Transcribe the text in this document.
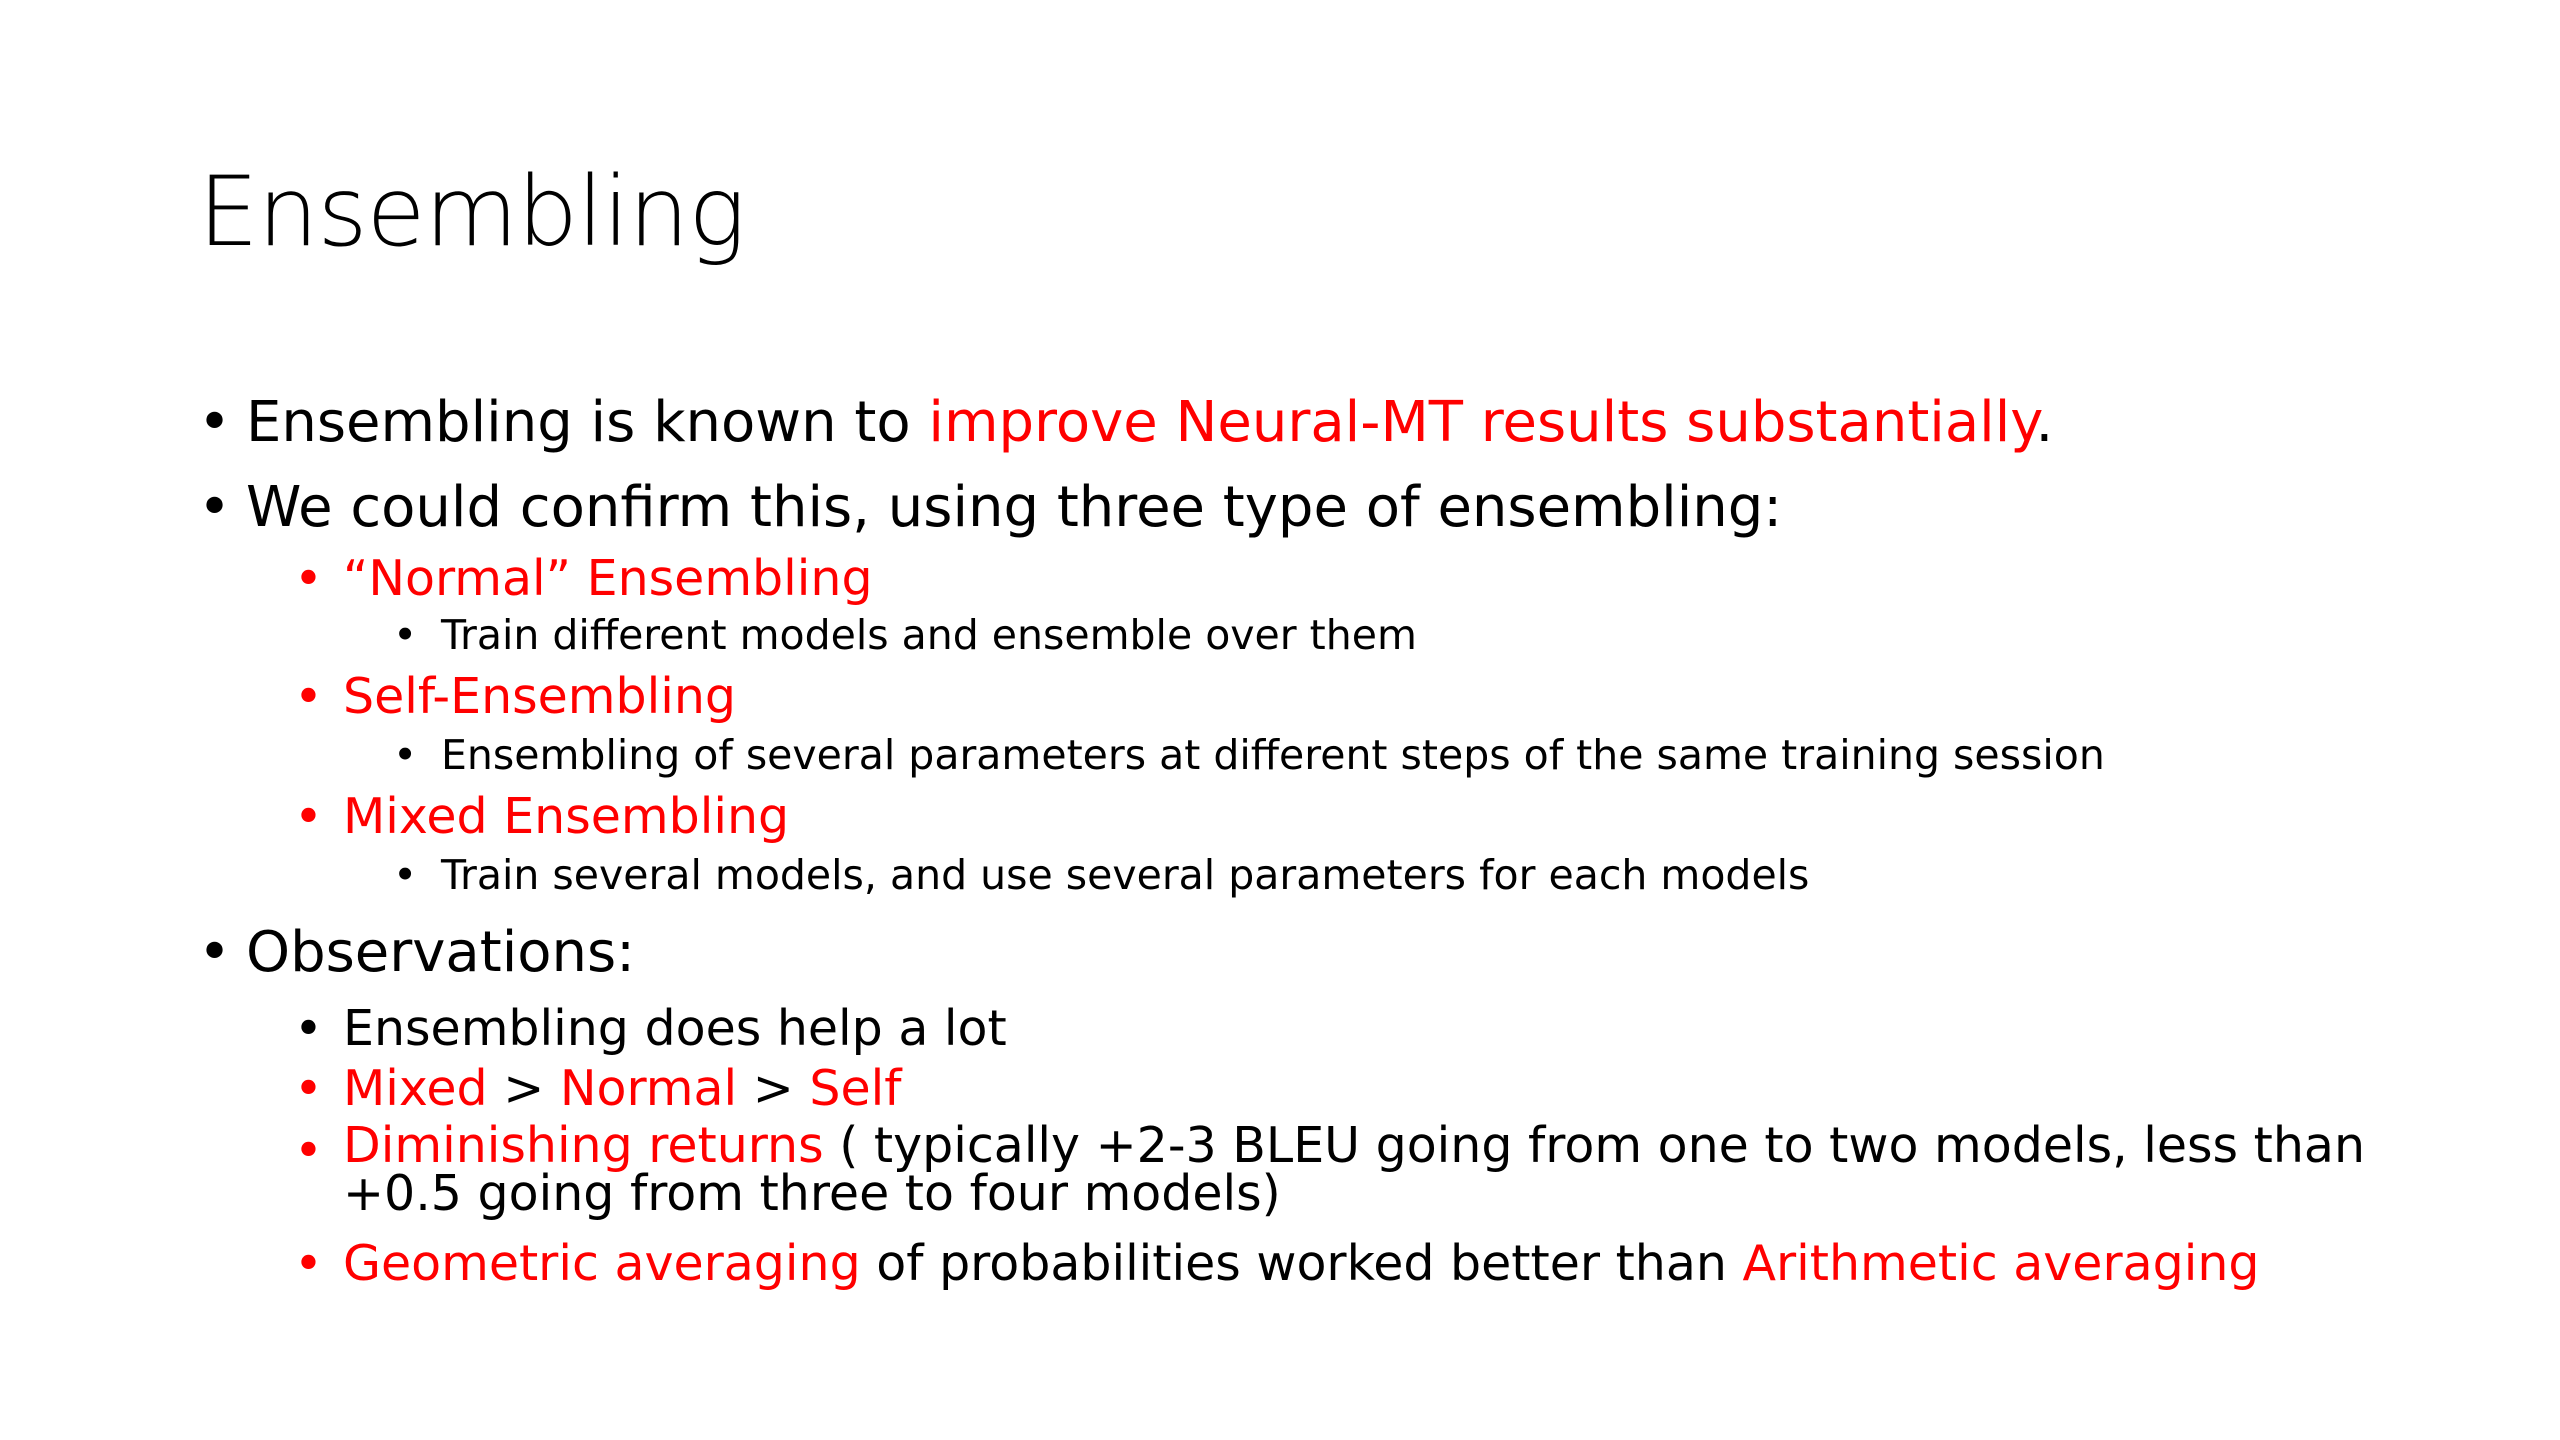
Ensembling
• Ensembling is known to improve Neural-MT results substantially.
• We could confirm this, using three type of ensembling:
• “Normal” Ensembling
• Train different models and ensemble over them
• Self-Ensembling
• Ensembling of several parameters at different steps of the same training session
• Mixed Ensembling
• Train several models, and use several parameters for each models
• Observations:
• Ensembling does help a lot
• Mixed > Normal > Self
• Diminishing returns ( typically +2-3 BLEU going from one to two models, less than
+0.5 going from three to four models)
• Geometric averaging of probabilities worked better than Arithmetic averaging
